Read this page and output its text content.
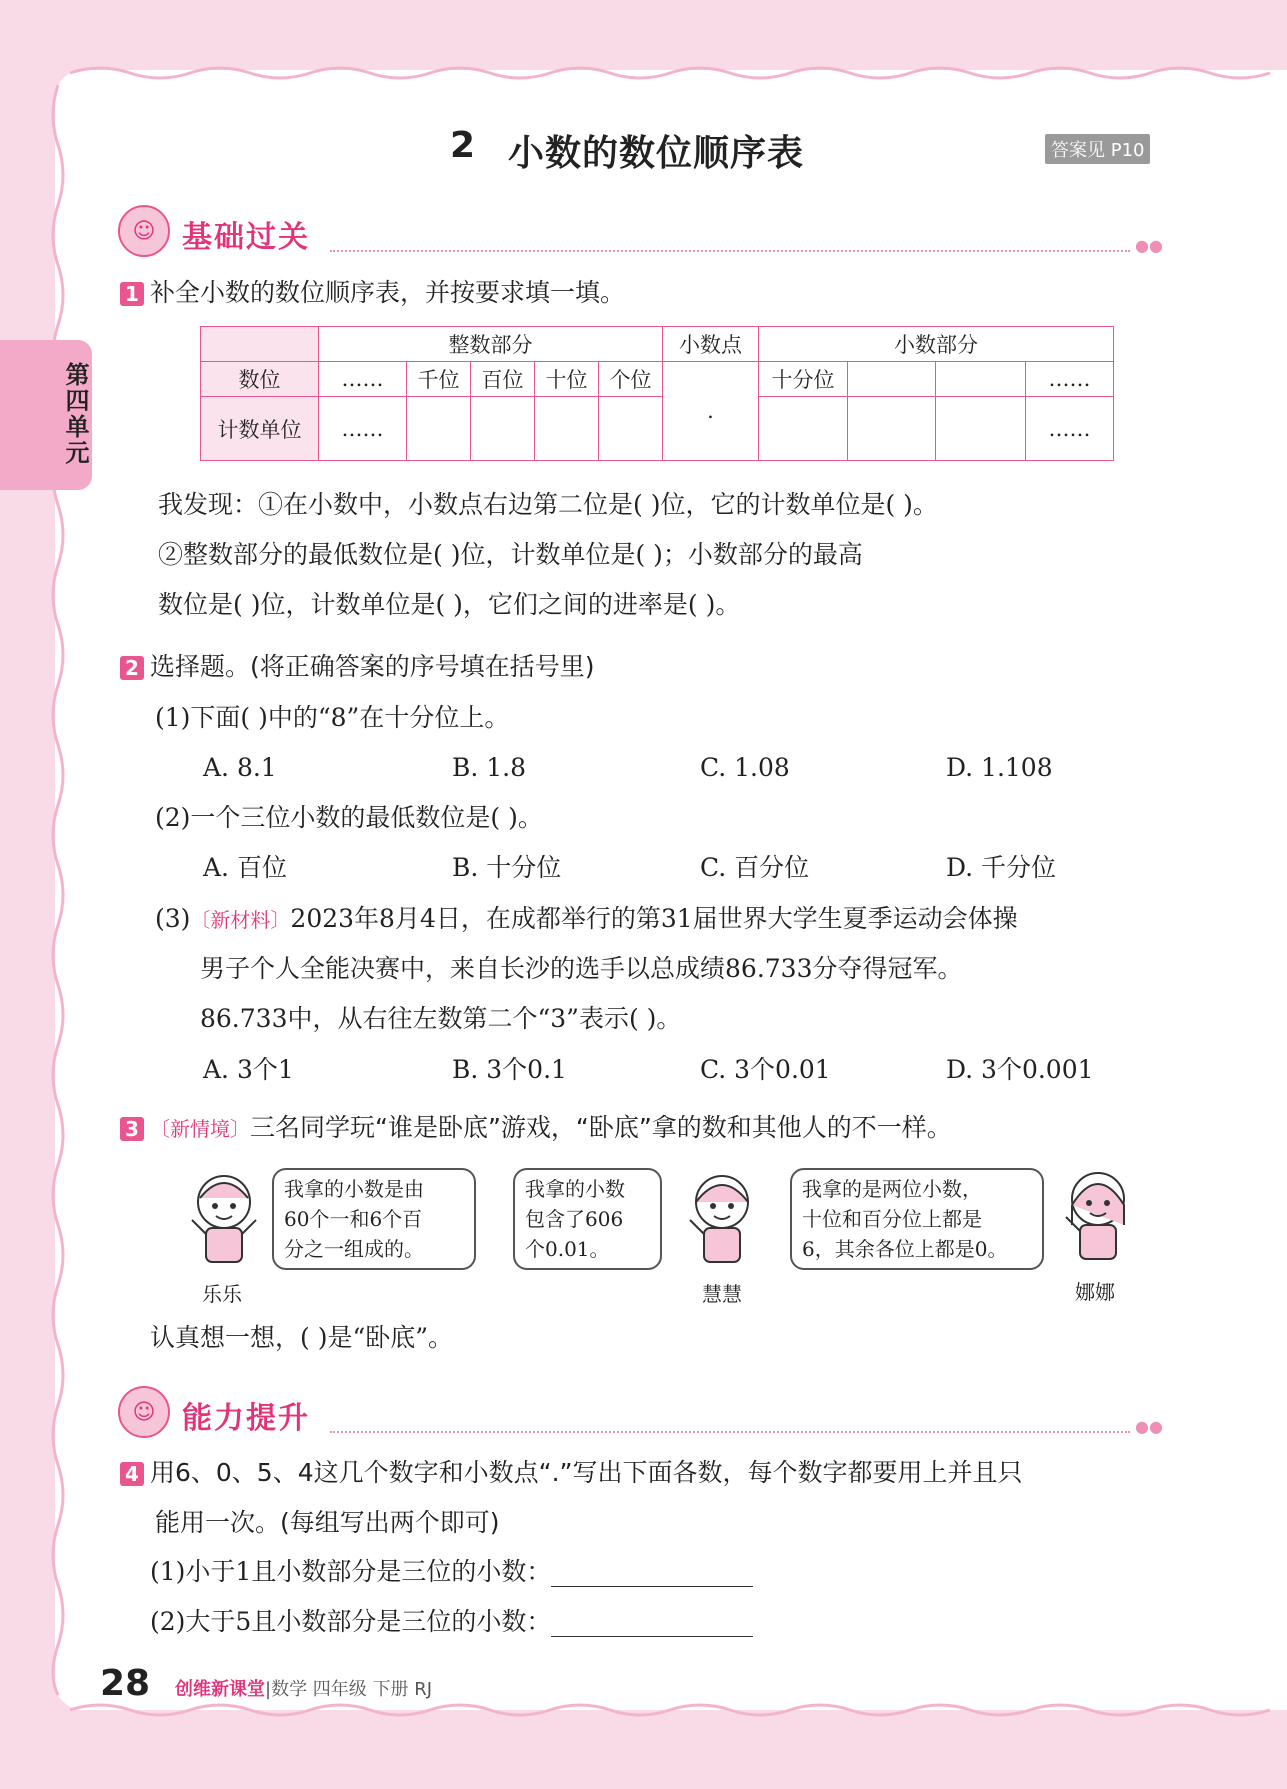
第四单元
2 小数的数位顺序表	答案见 P10
☺ 基础过关	●●
1 补全小数的数位顺序表，并按要求填一填。
	整数部分					小数点	小数部分			
数位	……	千位	百位	十位	个位	.	十分位			……
计数单位	……									……
我发现：①在小数中，小数点右边第二位是( )位，它的计数单位是( )。
②整数部分的最低数位是( )位，计数单位是( )；小数部分的最高
数位是( )位，计数单位是( )，它们之间的进率是( )。
2 选择题。(将正确答案的序号填在括号里)
(1)下面( )中的“8”在十分位上。
A. 8.1	B. 1.8	C. 1.08	D. 1.108
(2)一个三位小数的最低数位是( )。
A. 百位	B. 十分位	C. 百分位	D. 千分位
(3)〔新材料〕2023年8月4日，在成都举行的第31届世界大学生夏季运动会体操
男子个人全能决赛中，来自长沙的选手以总成绩86.733分夺得冠军。
86.733中，从右往左数第二个“3”表示( )。
A. 3个1	B. 3个0.1	C. 3个0.01	D. 3个0.001
3 〔新情境〕三名同学玩“谁是卧底”游戏，“卧底”拿的数和其他人的不一样。
乐乐
我拿的小数是由
60个一和6个百
分之一组成的。
我拿的小数
包含了606
个0.01。
慧慧
我拿的是两位小数，
十位和百分位上都是
6，其余各位上都是0。
娜娜
认真想一想，( )是“卧底”。
☺ 能力提升	●●
4 用6、0、5、4这几个数字和小数点“.”写出下面各数，每个数字都要用上并且只
能用一次。(每组写出两个即可)
(1)小于1且小数部分是三位的小数：
(2)大于5且小数部分是三位的小数：
28 创维新课堂|数学 四年级 下册 RJ
